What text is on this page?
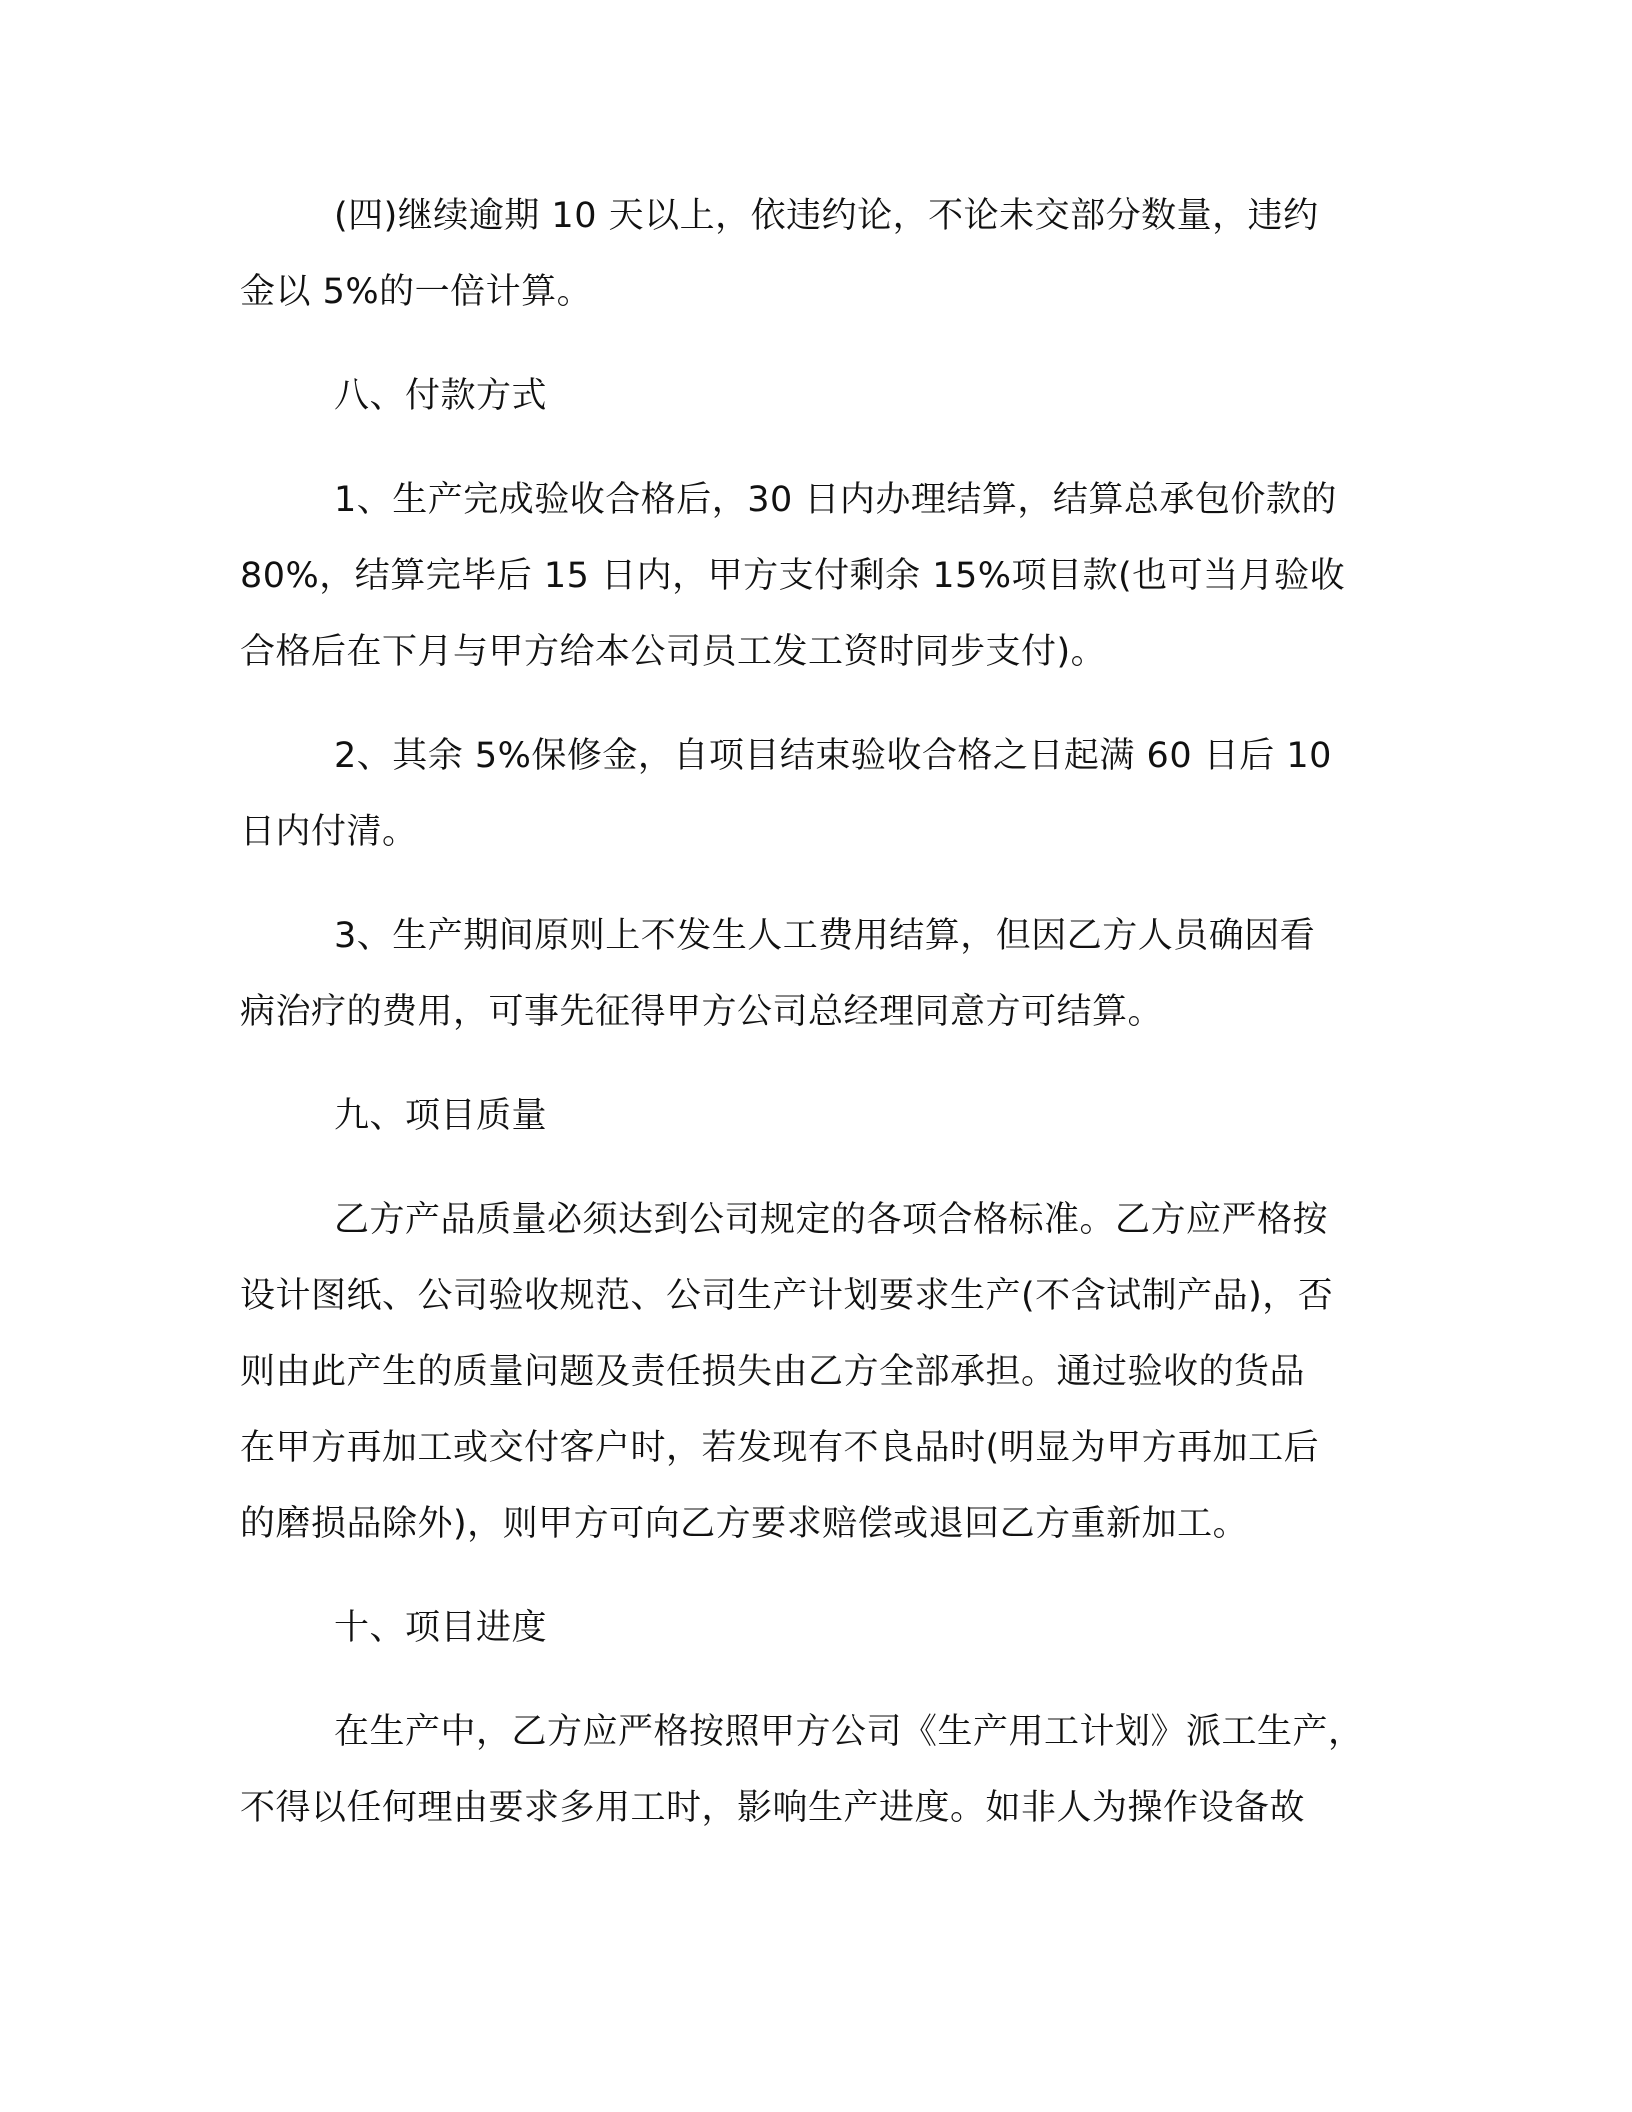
(四)继续逾期 10 天以上，依违约论，不论未交部分数量，违约
金以 5%的一倍计算。

八、付款方式

1、生产完成验收合格后，30 日内办理结算，结算总承包价款的
80%，结算完毕后 15 日内，甲方支付剩余 15%项目款(也可当月验收
合格后在下月与甲方给本公司员工发工资时同步支付)。

2、其余 5%保修金，自项目结束验收合格之日起满 60 日后 10
日内付清。

3、生产期间原则上不发生人工费用结算，但因乙方人员确因看
病治疗的费用，可事先征得甲方公司总经理同意方可结算。

九、项目质量

乙方产品质量必须达到公司规定的各项合格标准。乙方应严格按
设计图纸、公司验收规范、公司生产计划要求生产(不含试制产品)，否
则由此产生的质量问题及责任损失由乙方全部承担。通过验收的货品
在甲方再加工或交付客户时，若发现有不良品时(明显为甲方再加工后
的磨损品除外)，则甲方可向乙方要求赔偿或退回乙方重新加工。

十、项目进度

在生产中，乙方应严格按照甲方公司《生产用工计划》派工生产，
不得以任何理由要求多用工时，影响生产进度。如非人为操作设备故
